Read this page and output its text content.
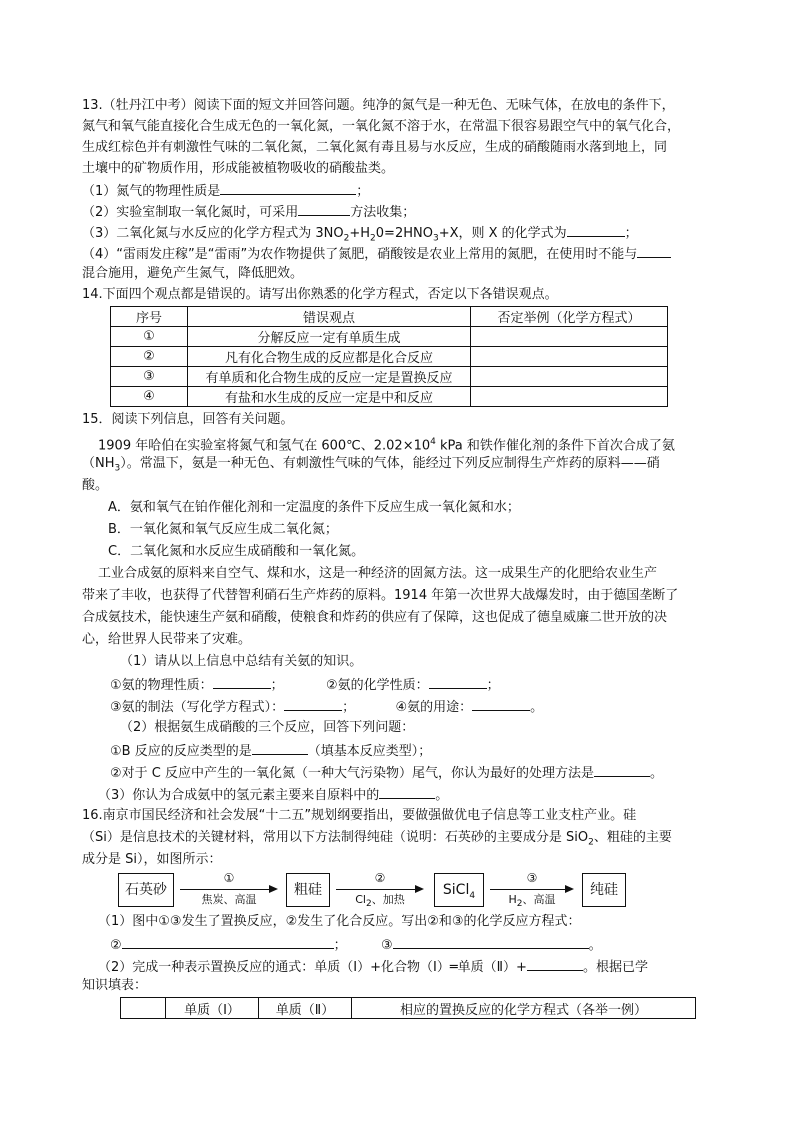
13.（牡丹江中考）阅读下面的短文并回答问题。纯净的氮气是一种无色、无味气体，在放电的条件下，
氮气和氧气能直接化合生成无色的一氧化氮，一氧化氮不溶于水，在常温下很容易跟空气中的氧气化合，
生成红棕色并有刺激性气味的二氧化氮，二氧化氮有毒且易与水反应，生成的硝酸随雨水落到地上，同
土壤中的矿物质作用，形成能被植物吸收的硝酸盐类。
（1）氮气的物理性质是	；
（2）实验室制取一氧化氮时，可采用	方法收集；
（3）二氧化氮与水反应的化学方程式为 $3NO_2+H_20=2HNO_3+X$，则 X 的化学式为	；
（4）“雷雨发庄稼”是“雷雨”为农作物提供了氮肥，硝酸铵是农业上常用的氮肥，在使用时不能与
混合施用，避免产生氮气，降低肥效。
14.下面四个观点都是错误的。请写出你熟悉的化学方程式，否定以下各错误观点。
序号	错误观点	否定举例（化学方程式）
①	分解反应一定有单质生成	
②	凡有化合物生成的反应都是化合反应	
③	有单质和化合物生成的反应一定是置换反应	
④	有盐和水生成的反应一定是中和反应	
15．阅读下列信息，回答有关问题。
1909 年哈伯在实验室将氮气和氢气在 600℃、$2.02\times 10^4$ kPa 和铁作催化剂的条件下首次合成了氨
$(NH_3)$。常温下，氨是一种无色、有刺激性气味的气体，能经过下列反应制得生产炸药的原料——硝
酸。
A．氨和氧气在铂作催化剂和一定温度的条件下反应生成一氧化氮和水；
B．一氧化氮和氧气反应生成二氧化氮；
C．二氧化氮和水反应生成硝酸和一氧化氮。
工业合成氨的原料来自空气、煤和水，这是一种经济的固氮方法。这一成果生产的化肥给农业生产
带来了丰收，也获得了代替智利硝石生产炸药的原料。1914 年第一次世界大战爆发时，由于德国垄断了
合成氨技术，能快速生产氨和硝酸，使粮食和炸药的供应有了保障，这也促成了德皇威廉二世开放的决
心，给世界人民带来了灾难。
（1）请从以上信息中总结有关氨的知识。
①氨的物理性质：	；	②氨的化学性质：	；
③氨的制法（写化学方程式）：	；	④氨的用途：	。
（2）根据氨生成硝酸的三个反应，回答下列问题：
①B 反应的反应类型的是	（填基本反应类型）；
②对于 C 反应中产生的一氧化氮（一种大气污染物）尾气，你认为最好的处理方法是	。
（3）你认为合成氨中的氢元素主要来自原料中的	。
16.南京市国民经济和社会发展“十二五”规划纲要指出，要做强做优电子信息等工业支柱产业。硅
（Si）是信息技术的关键材料，常用以下方法制得纯硅（说明：石英砂的主要成分是 SiO$_2$、粗硅的主要
成分是 Si），如图所示：
石英砂
①
焦炭、高温
粗硅
②
$Cl_2$、加热
SiCl$_4$
③
$H_2$、高温
纯硅
（1）图中①③发生了置换反应，②发生了化合反应。写出②和③的化学反应方程式：
②	；	③	。
（2）完成一种表示置换反应的通式：单质（Ⅰ）+化合物（Ⅰ）═单质（Ⅱ）+	。根据已学
知识填表：
	单质（Ⅰ）	单质（Ⅱ）	相应的置换反应的化学方程式（各举一例）
